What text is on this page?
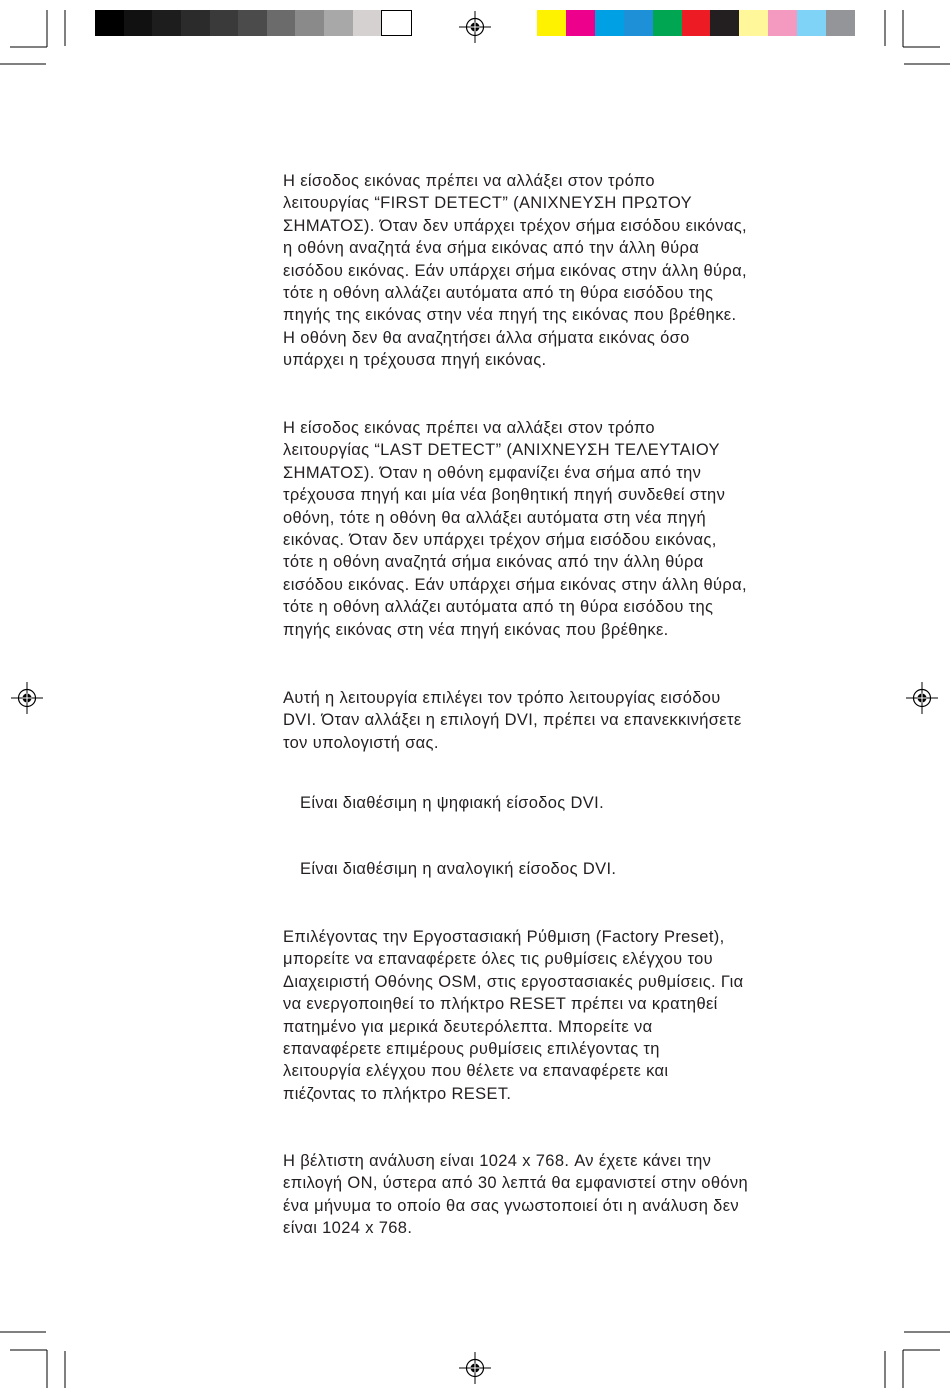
Η είσοδος εικόνας πρέπει να αλλάξει στον τρόπο
λειτουργίας “FIRST DETECT” (ΑΝΙΧΝΕΥΣΗ ΠΡΩΤΟΥ
ΣΗΜΑΤΟΣ). Όταν δεν υπάρχει τρέχον σήμα εισόδου εικόνας,
η οθόνη αναζητά ένα σήμα εικόνας από την άλλη θύρα
εισόδου εικόνας. Εάν υπάρχει σήμα εικόνας στην άλλη θύρα,
τότε η οθόνη αλλάζει αυτόματα από τη θύρα εισόδου της
πηγής της εικόνας στην νέα πηγή της εικόνας που βρέθηκε.
Η οθόνη δεν θα αναζητήσει άλλα σήματα εικόνας όσο
υπάρχει η τρέχουσα πηγή εικόνας.
Η είσοδος εικόνας πρέπει να αλλάξει στον τρόπο
λειτουργίας “LAST DETECT” (ΑΝΙΧΝΕΥΣΗ ΤΕΛΕΥΤΑΙΟΥ
ΣΗΜΑΤΟΣ). Όταν η οθόνη εμφανίζει ένα σήμα από την
τρέχουσα πηγή και μία νέα βοηθητική πηγή συνδεθεί στην
οθόνη, τότε η οθόνη θα αλλάξει αυτόματα στη νέα πηγή
εικόνας. Όταν δεν υπάρχει τρέχον σήμα εισόδου εικόνας,
τότε η οθόνη αναζητά σήμα εικόνας από την άλλη θύρα
εισόδου εικόνας. Εάν υπάρχει σήμα εικόνας στην άλλη θύρα,
τότε η οθόνη αλλάζει αυτόματα από τη θύρα εισόδου της
πηγής εικόνας στη νέα πηγή εικόνας που βρέθηκε.
Αυτή η λειτουργία επιλέγει τον τρόπο λειτουργίας εισόδου
DVI. Όταν αλλάξει η επιλογή DVI, πρέπει να επανεκκινήσετε
τον υπολογιστή σας.
Είναι διαθέσιμη η ψηφιακή είσοδος DVI.
Είναι διαθέσιμη η αναλογική είσοδος DVI.
Επιλέγοντας την Εργοστασιακή Ρύθμιση (Factory Preset),
μπορείτε να επαναφέρετε όλες τις ρυθμίσεις ελέγχου του
Διαχειριστή Οθόνης OSM, στις εργοστασιακές ρυθμίσεις. Για
να ενεργοποιηθεί το πλήκτρο RESET πρέπει να κρατηθεί
πατημένο για μερικά δευτερόλεπτα. Μπορείτε να
επαναφέρετε επιμέρους ρυθμίσεις επιλέγοντας τη
λειτουργία ελέγχου που θέλετε να επαναφέρετε και
πιέζοντας το πλήκτρο RESET.
Η βέλτιστη ανάλυση είναι 1024 x 768. Αν έχετε κάνει την
επιλογή ON, ύστερα από 30 λεπτά θα εμφανιστεί στην οθόνη
ένα μήνυμα το οποίο θα σας γνωστοποιεί ότι η ανάλυση δεν
είναι 1024 x 768.
